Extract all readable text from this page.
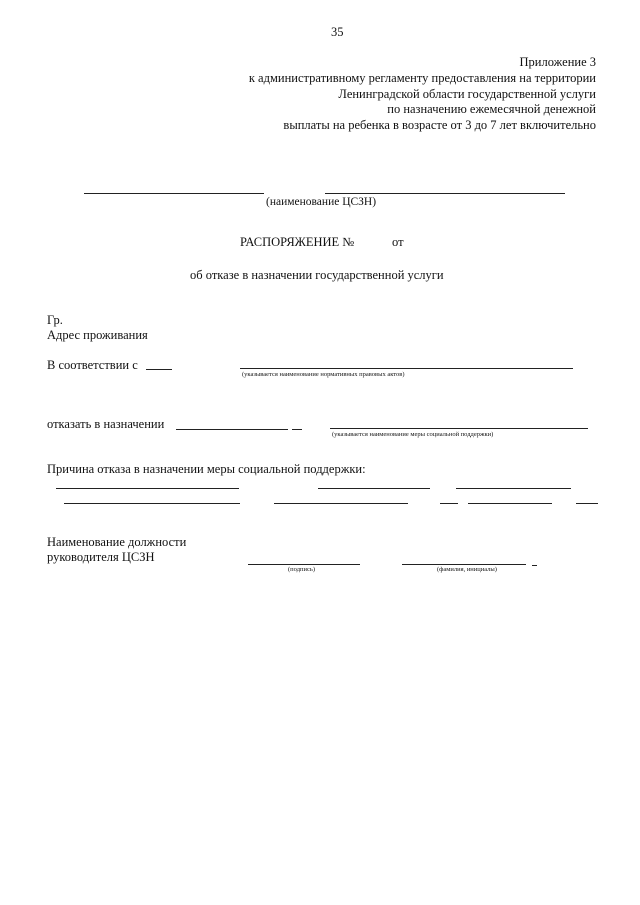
35
Приложение 3
к административному регламенту предоставления на территории
Ленинградской области государственной услуги
по назначению ежемесячной денежной
выплаты на ребенка в возрасте от 3 до 7 лет включительно
(наименование ЦСЗН)
РАСПОРЯЖЕНИЕ №	от
об отказе в назначении государственной услуги
Гр.
Адрес проживания
В соответствии с
(указывается наименование нормативных правовых актов)
отказать в назначении
(указывается наименование меры социальной поддержки)
Причина отказа в назначении меры социальной поддержки:
Наименование должности
руководителя ЦСЗН
(подпись)	(фамилия, инициалы)
